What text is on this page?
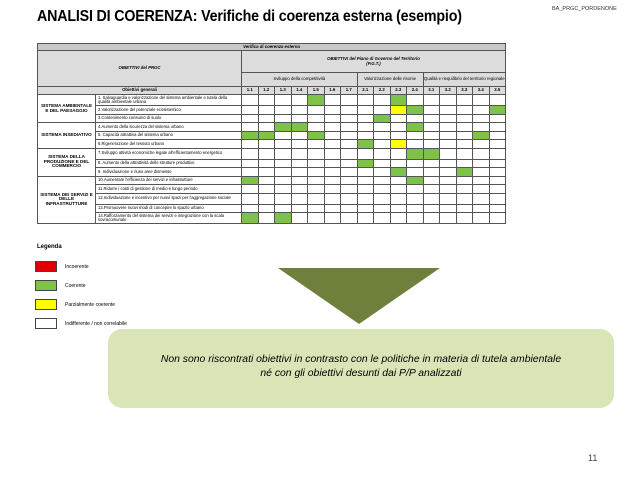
ANALISI DI COERENZA: Verifiche di coerenza esterna (esempio)	BA_PRGC_PORDENONE
Verifica di coerenza esterna																	
OBIETTIVI del PRGC		OBIETTIVI del Piano di Governo del Territorio
(P.G.T.)															

		Sviluppo della competitività							Valorizzazione delle risorse				Qualità e riequilibrio del territorio regionale				
Obiettivi generali		1.1	1.2	1.3	1.4	1.5	1.6	1.7	2.1	2.2	2.3	2.4	3.1	3.2	3.3	3.4	3.5
SISTEMA AMBIENTALE E DEL PAESAGGIO	1. Salvaguardia e valorizzazione del sistema ambientale e tutela della qualità ambientale urbana																
	2.Valorizzazione del potenziale ecosistemico																
	3.Contenimento consumo di suolo																
SISTEMA INSEDIATIVO	4.Aumento della sicurezza del sistema urbano																
	5. Capacità attrattiva del sistema urbano																
	6.Rigenerazione del tessuto urbano																
SISTEMA DELLA PRODUZIONE E DEL COMMERCIO	7.Sviluppo attività economiche legate all'efficientamento energetico																
	8. Aumento della attrattività delle strutture produttive																
	9. Individuazione e riuso aree dismesse																
SISTEMA DEI SERVIZI E DELLE INFRASTRUTTURE	10.Aumentare l'efficienza dei servizi e infrastrutture																
	11.Ridurre i costi di gestione di medio e lungo periodo																
	12.Individuazione e incentivo per nuovi spazi per l'aggregazione sociale																
	13.Promuovere nuovi modi di concepire lo spazio urbano																
	14.Rafforzamento del sistema dei servizi e integrazione con la scala sovracomunale																
Legenda
Incoerente
Coerente
Parzialmente coerente
Indifferente / non correlabile
Non sono riscontrati obiettivi in contrasto con le politiche in materia di tutela ambientale
né con gli obiettivi desunti dai P/P analizzati
11
